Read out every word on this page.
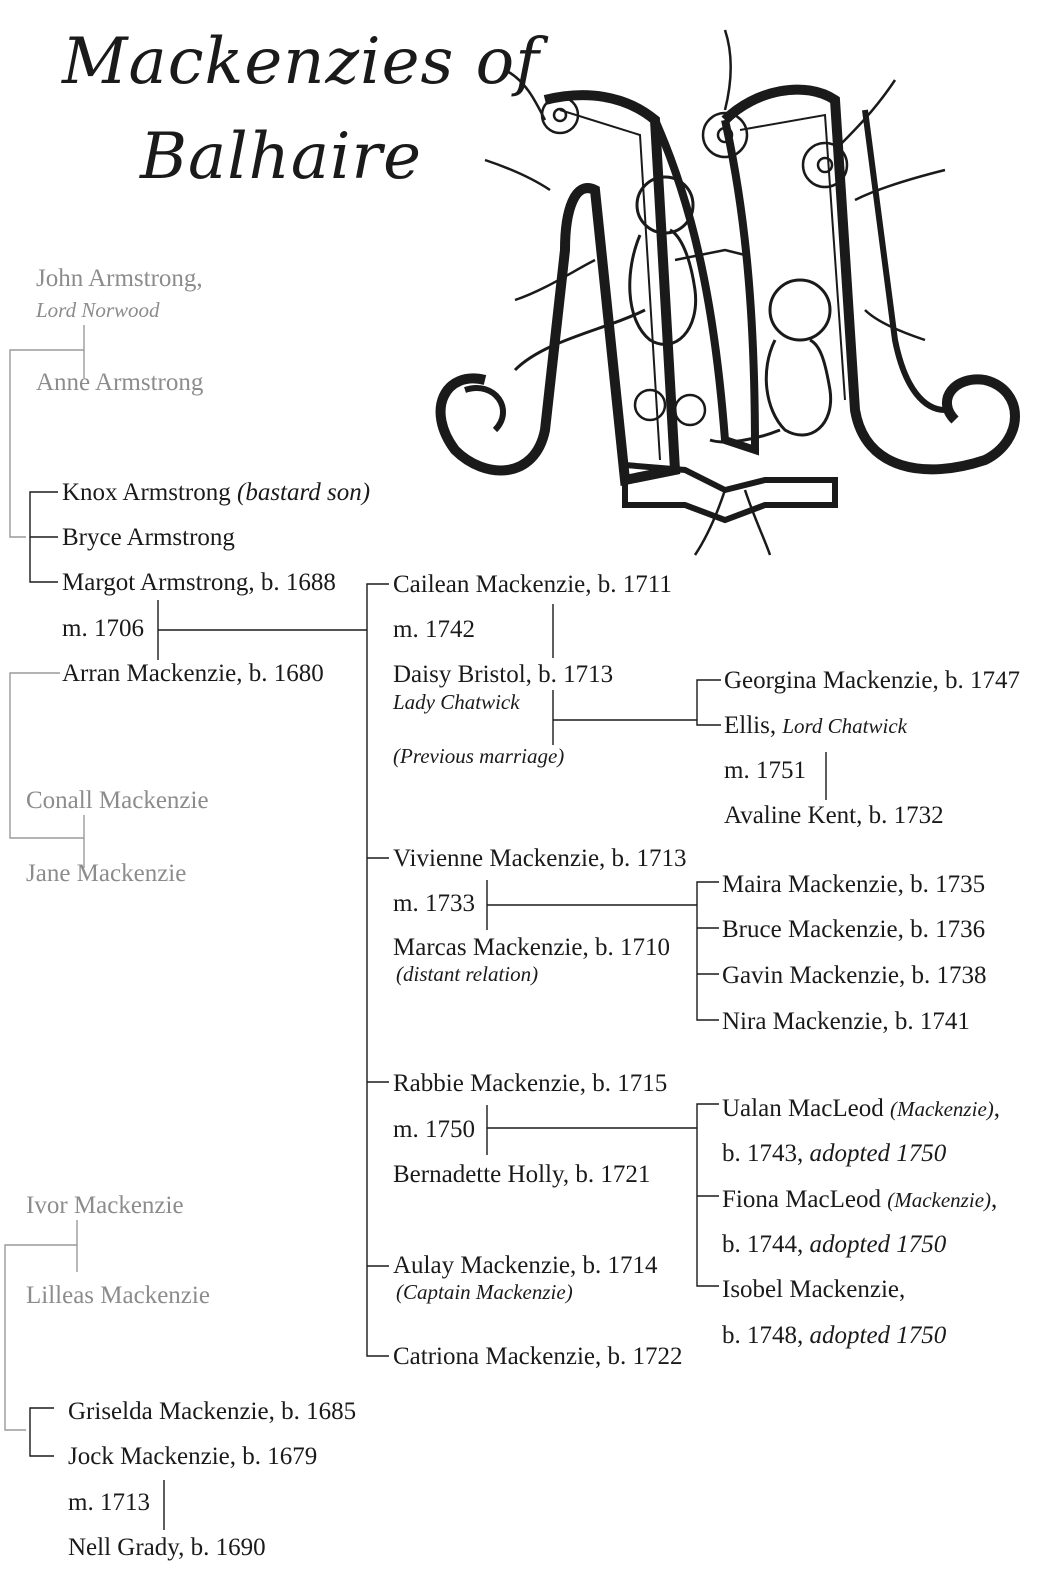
Mackenzies of
Balhaire
John Armstrong,
Lord Norwood
Anne Armstrong
Conall Mackenzie
Jane Mackenzie
Ivor Mackenzie
Lilleas Mackenzie
Knox Armstrong (bastard son)
Bryce Armstrong
Margot Armstrong, b. 1688
m. 1706
Arran Mackenzie, b. 1680
Griselda Mackenzie, b. 1685
Jock Mackenzie, b. 1679
m. 1713
Nell Grady, b. 1690
Cailean Mackenzie, b. 1711
m. 1742
Daisy Bristol, b. 1713
Lady Chatwick
(Previous marriage)
Vivienne Mackenzie, b. 1713
m. 1733
Marcas Mackenzie, b. 1710
(distant relation)
Rabbie Mackenzie, b. 1715
m. 1750
Bernadette Holly, b. 1721
Aulay Mackenzie, b. 1714
(Captain Mackenzie)
Catriona Mackenzie, b. 1722
Georgina Mackenzie, b. 1747
Ellis, Lord Chatwick
m. 1751
Avaline Kent, b. 1732
Maira Mackenzie, b. 1735
Bruce Mackenzie, b. 1736
Gavin Mackenzie, b. 1738
Nira Mackenzie, b. 1741
Ualan MacLeod (Mackenzie),
b. 1743, adopted 1750
Fiona MacLeod (Mackenzie),
b. 1744, adopted 1750
Isobel Mackenzie,
b. 1748, adopted 1750
